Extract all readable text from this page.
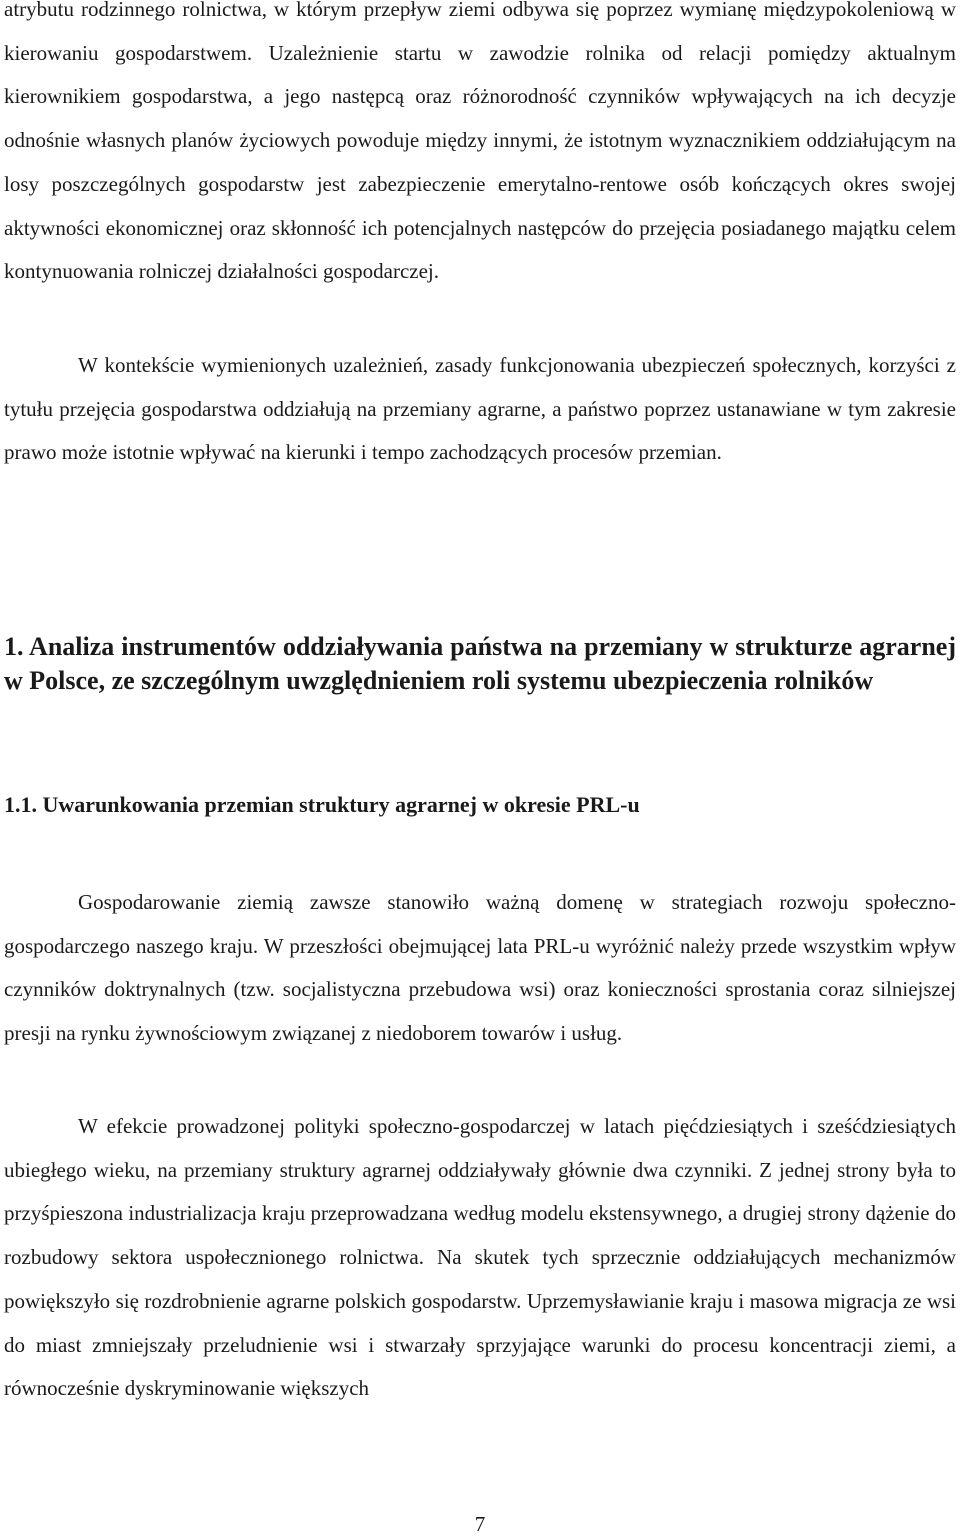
atrybutu rodzinnego rolnictwa, w którym przepływ ziemi odbywa się poprzez wymianę międzypokoleniową w kierowaniu gospodarstwem. Uzależnienie startu w zawodzie rolnika od relacji pomiędzy aktualnym kierownikiem gospodarstwa, a jego następcą oraz różnorodność czynników wpływających na ich decyzje odnośnie własnych planów życiowych powoduje między innymi, że istotnym wyznacznikiem oddziałującym na losy poszczególnych gospodarstw jest zabezpieczenie emerytalno-rentowe osób kończących okres swojej aktywności ekonomicznej oraz skłonność ich potencjalnych następców do przejęcia posiadanego majątku celem kontynuowania rolniczej działalności gospodarczej.

W kontekście wymienionych uzależnień, zasady funkcjonowania ubezpieczeń społecznych, korzyści z tytułu przejęcia gospodarstwa oddziałują na przemiany agrarne, a państwo poprzez ustanawiane w tym zakresie prawo może istotnie wpływać na kierunki i tempo zachodzących procesów przemian.

1. Analiza instrumentów oddziaływania państwa na przemiany w strukturze agrarnej w Polsce, ze szczególnym uwzględnieniem roli systemu ubezpieczenia rolników
1.1. Uwarunkowania przemian struktury agrarnej w okresie PRL-u

Gospodarowanie ziemią zawsze stanowiło ważną domenę w strategiach rozwoju społeczno-gospodarczego naszego kraju. W przeszłości obejmującej lata PRL-u wyróżnić należy przede wszystkim wpływ czynników doktrynalnych (tzw. socjalistyczna przebudowa wsi) oraz konieczności sprostania coraz silniejszej presji na rynku żywnościowym związanej z niedoborem towarów i usług.

W efekcie prowadzonej polityki społeczno-gospodarczej w latach pięćdziesiątych i sześćdziesiątych ubiegłego wieku, na przemiany struktury agrarnej oddziaływały głównie dwa czynniki. Z jednej strony była to przyśpieszona industrializacja kraju przeprowadzana według modelu ekstensywnego, a drugiej strony dążenie do rozbudowy sektora uspołecznionego rolnictwa. Na skutek tych sprzecznie oddziałujących mechanizmów powiększyło się rozdrobnienie agrarne polskich gospodarstw. Uprzemysławianie kraju i masowa migracja ze wsi do miast zmniejszały przeludnienie wsi i stwarzały sprzyjające warunki do procesu koncentracji ziemi, a równocześnie dyskryminowanie większych

7
